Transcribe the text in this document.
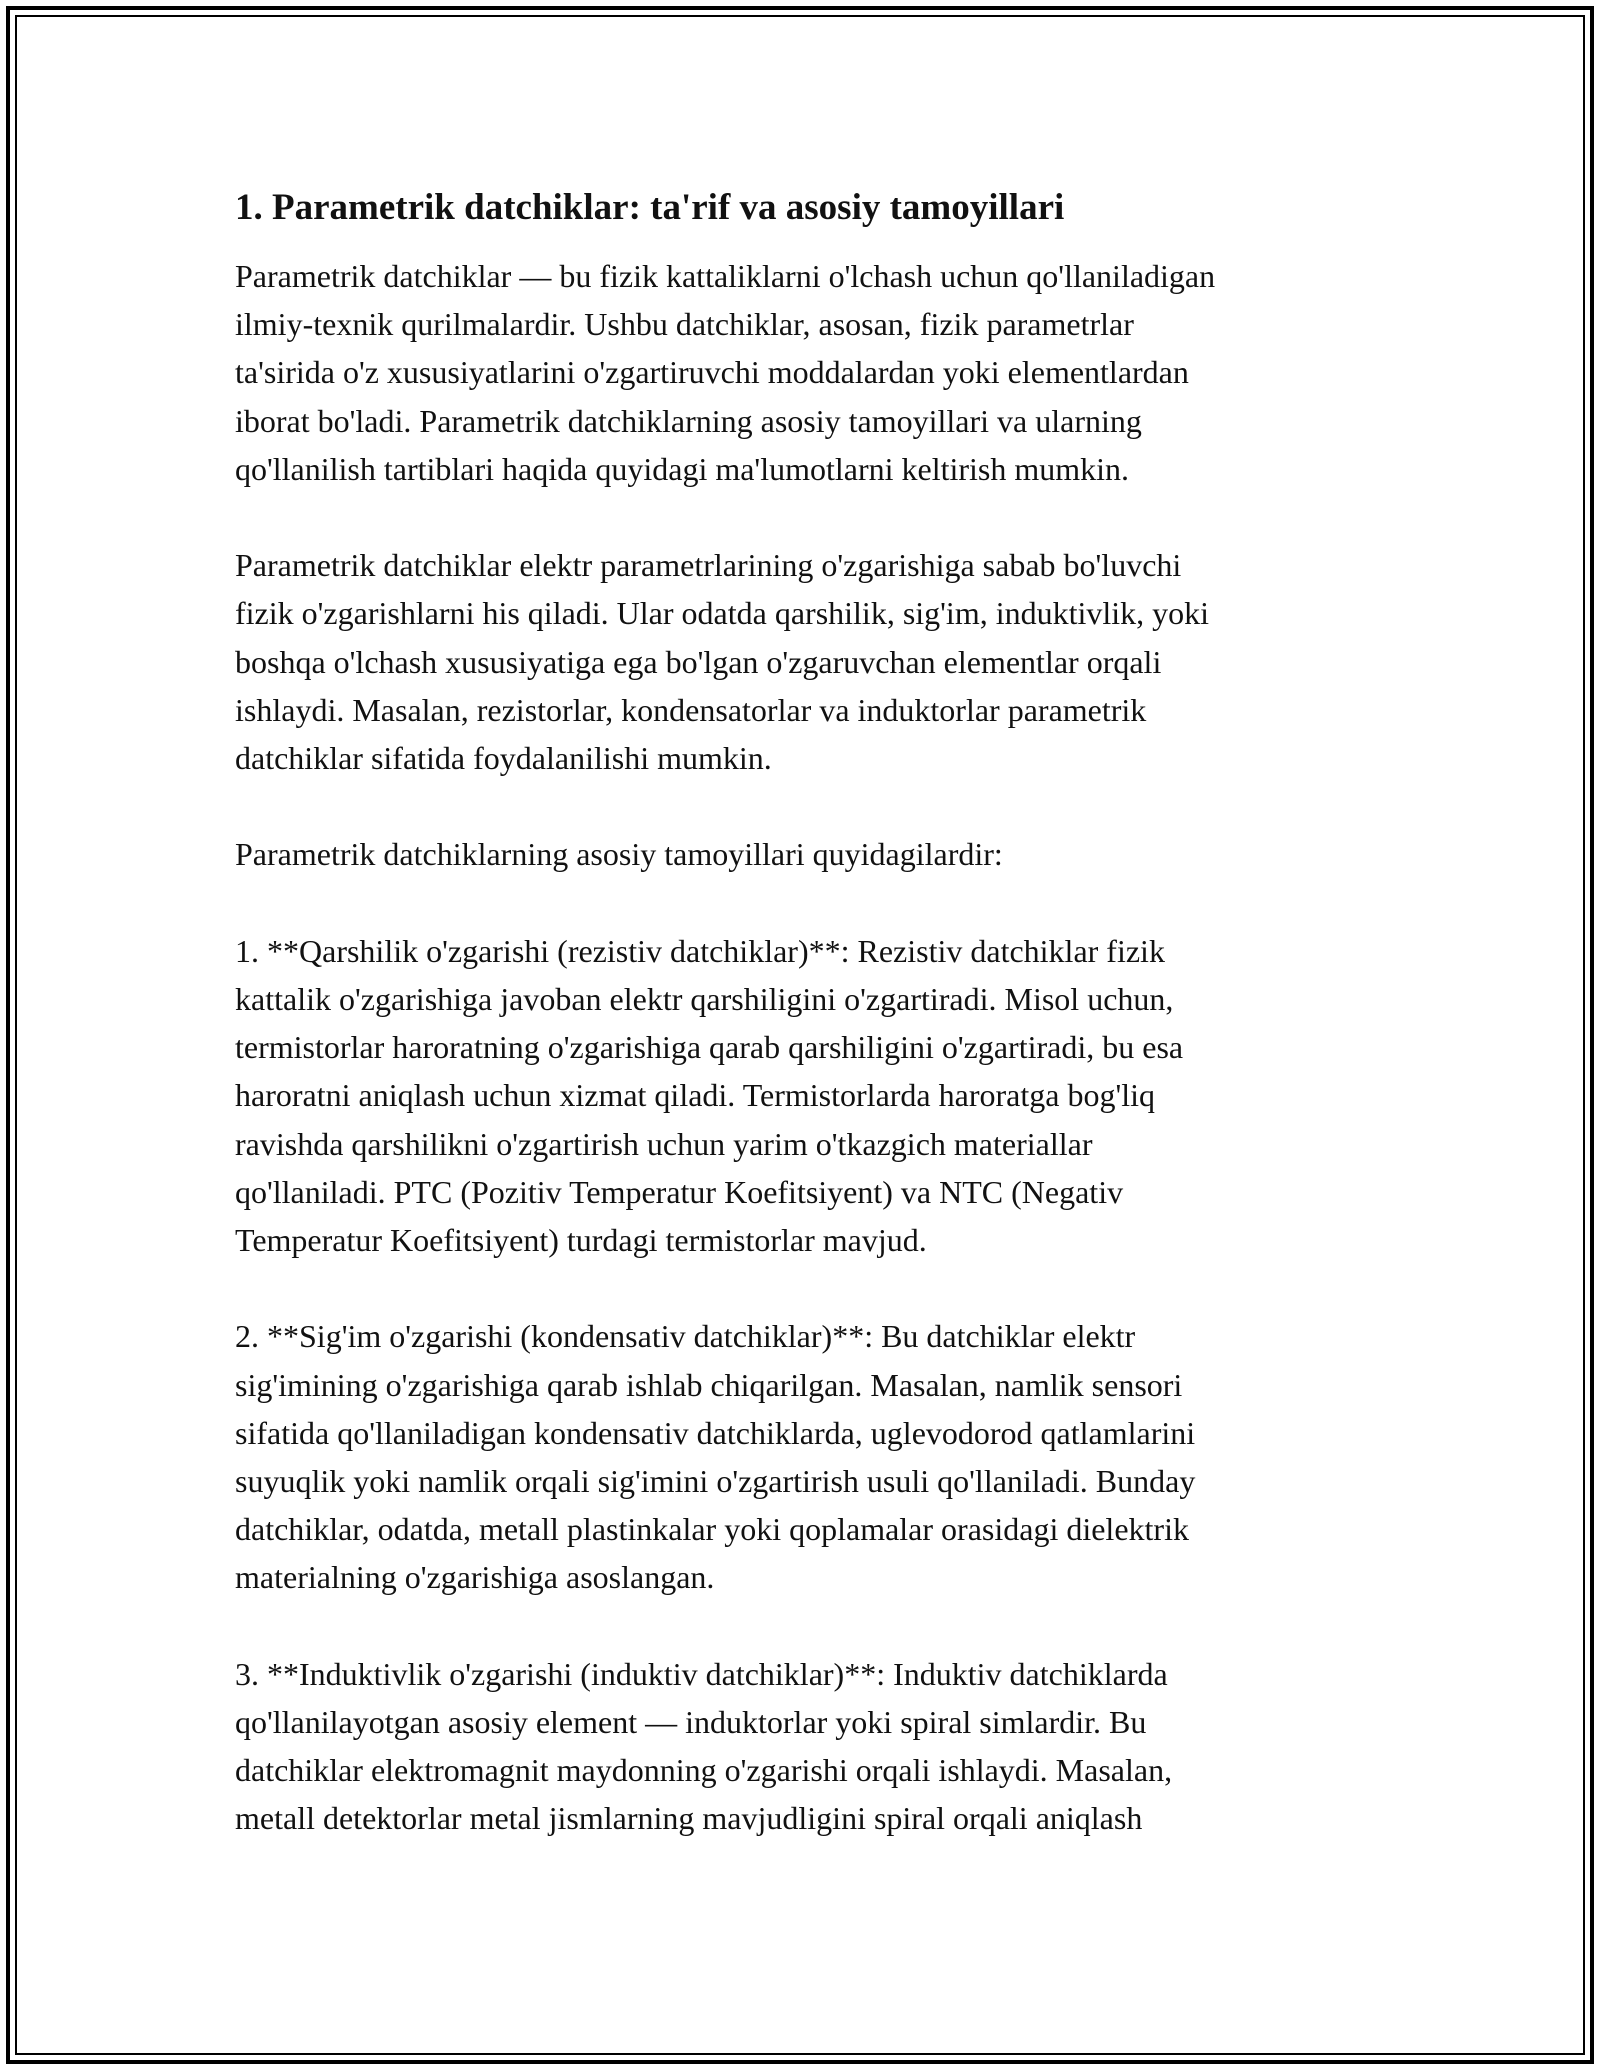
1. Parametrik datchiklar: ta'rif va asosiy tamoyillari
Parametrik datchiklar — bu fizik kattaliklarni o'lchash uchun qo'llaniladigan
ilmiy-texnik qurilmalardir. Ushbu datchiklar, asosan, fizik parametrlar
ta'sirida o'z xususiyatlarini o'zgartiruvchi moddalardan yoki elementlardan
iborat bo'ladi. Parametrik datchiklarning asosiy tamoyillari va ularning
qo'llanilish tartiblari haqida quyidagi ma'lumotlarni keltirish mumkin.
Parametrik datchiklar elektr parametrlarining o'zgarishiga sabab bo'luvchi
fizik o'zgarishlarni his qiladi. Ular odatda qarshilik, sig'im, induktivlik, yoki
boshqa o'lchash xususiyatiga ega bo'lgan o'zgaruvchan elementlar orqali
ishlaydi. Masalan, rezistorlar, kondensatorlar va induktorlar parametrik
datchiklar sifatida foydalanilishi mumkin.
Parametrik datchiklarning asosiy tamoyillari quyidagilardir:
1. **Qarshilik o'zgarishi (rezistiv datchiklar)**: Rezistiv datchiklar fizik
kattalik o'zgarishiga javoban elektr qarshiligini o'zgartiradi. Misol uchun,
termistorlar haroratning o'zgarishiga qarab qarshiligini o'zgartiradi, bu esa
haroratni aniqlash uchun xizmat qiladi. Termistorlarda haroratga bog'liq
ravishda qarshilikni o'zgartirish uchun yarim o'tkazgich materiallar
qo'llaniladi. PTC (Pozitiv Temperatur Koefitsiyent) va NTC (Negativ
Temperatur Koefitsiyent) turdagi termistorlar mavjud.
2. **Sig'im o'zgarishi (kondensativ datchiklar)**: Bu datchiklar elektr
sig'imining o'zgarishiga qarab ishlab chiqarilgan. Masalan, namlik sensori
sifatida qo'llaniladigan kondensativ datchiklarda, uglevodorod qatlamlarini
suyuqlik yoki namlik orqali sig'imini o'zgartirish usuli qo'llaniladi. Bunday
datchiklar, odatda, metall plastinkalar yoki qoplamalar orasidagi dielektrik
materialning o'zgarishiga asoslangan.
3. **Induktivlik o'zgarishi (induktiv datchiklar)**: Induktiv datchiklarda
qo'llanilayotgan asosiy element — induktorlar yoki spiral simlardir. Bu
datchiklar elektromagnit maydonning o'zgarishi orqali ishlaydi. Masalan,
metall detektorlar metal jismlarning mavjudligini spiral orqali aniqlash
